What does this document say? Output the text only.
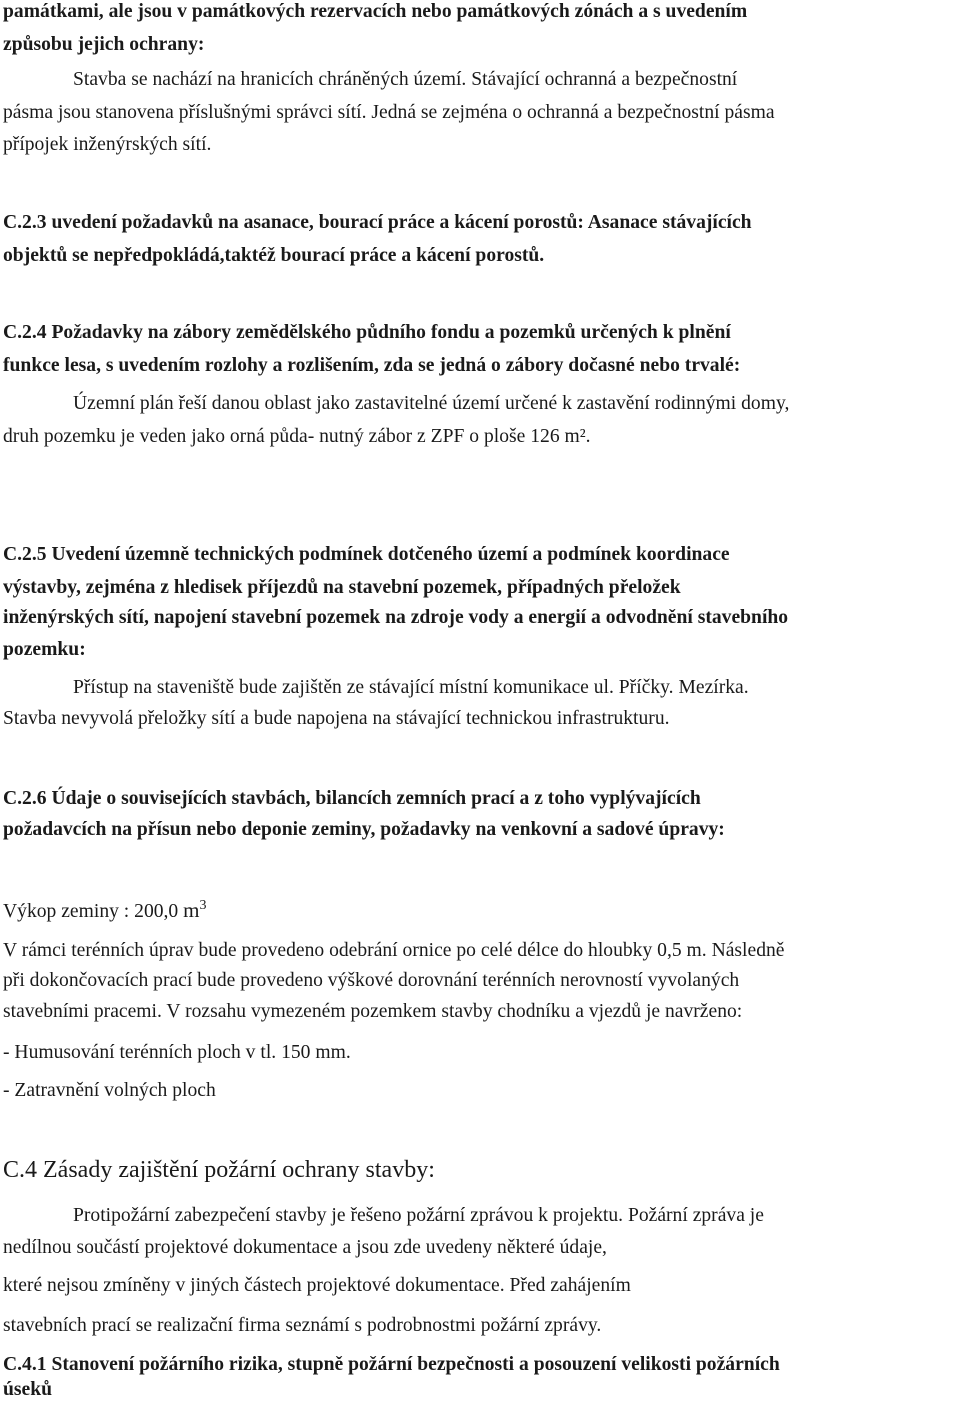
památkami, ale jsou v památkových rezervacích nebo památkových zónách a s uvedením
způsobu jejich ochrany:
Stavba se nachází na hranicích chráněných území. Stávající ochranná a bezpečnostní
pásma jsou stanovena příslušnými správci sítí. Jedná se zejména o ochranná a bezpečnostní pásma
přípojek inženýrských sítí.
C.2.3 uvedení požadavků na asanace, bourací práce a kácení porostů: Asanace stávajících
objektů se nepředpokládá,taktéž bourací práce a kácení porostů.
C.2.4 Požadavky na zábory zemědělského půdního fondu a pozemků určených k plnění
funkce lesa, s uvedením rozlohy a rozlišením, zda se jedná o zábory dočasné nebo trvalé:
Územní plán řeší danou oblast jako zastavitelné území určené k zastavění rodinnými domy,
druh pozemku je veden jako orná půda- nutný zábor z ZPF o ploše 126 m².
C.2.5 Uvedení územně technických podmínek dotčeného území a podmínek koordinace
výstavby, zejména z hledisek příjezdů na stavební pozemek, případných přeložek
inženýrských sítí, napojení stavební pozemek na zdroje vody a energií a odvodnění stavebního
pozemku:
Přístup na staveniště bude zajištěn ze stávající místní komunikace ul. Příčky. Mezírka.
Stavba nevyvolá přeložky sítí a bude napojena na stávající technickou infrastrukturu.
C.2.6 Údaje o souvisejících stavbách, bilancích zemních prací a z toho vyplývajících
požadavcích na přísun nebo deponie zeminy, požadavky na venkovní a sadové úpravy:
Výkop zeminy : 200,0 $m^3$
V rámci terénních úprav bude provedeno odebrání ornice po celé délce do hloubky 0,5 m. Následně
při dokončovacích prací bude provedeno výškové dorovnání terénních nerovností vyvolaných
stavebními pracemi. V rozsahu vymezeném pozemkem stavby chodníku a vjezdů je navrženo:
- Humusování terénních ploch v tl. 150 mm.
- Zatravnění volných ploch
C.4 Zásady zajištění požární ochrany stavby:
Protipožární zabezpečení stavby je řešeno požární zprávou k projektu. Požární zpráva je
nedílnou součástí projektové dokumentace a jsou zde uvedeny některé údaje,
které nejsou zmíněny v jiných částech projektové dokumentace. Před zahájením
stavebních prací se realizační firma seznámí s podrobnostmi požární zprávy.
C.4.1 Stanovení požárního rizika, stupně požární bezpečnosti a posouzení velikosti požárních
úseků
